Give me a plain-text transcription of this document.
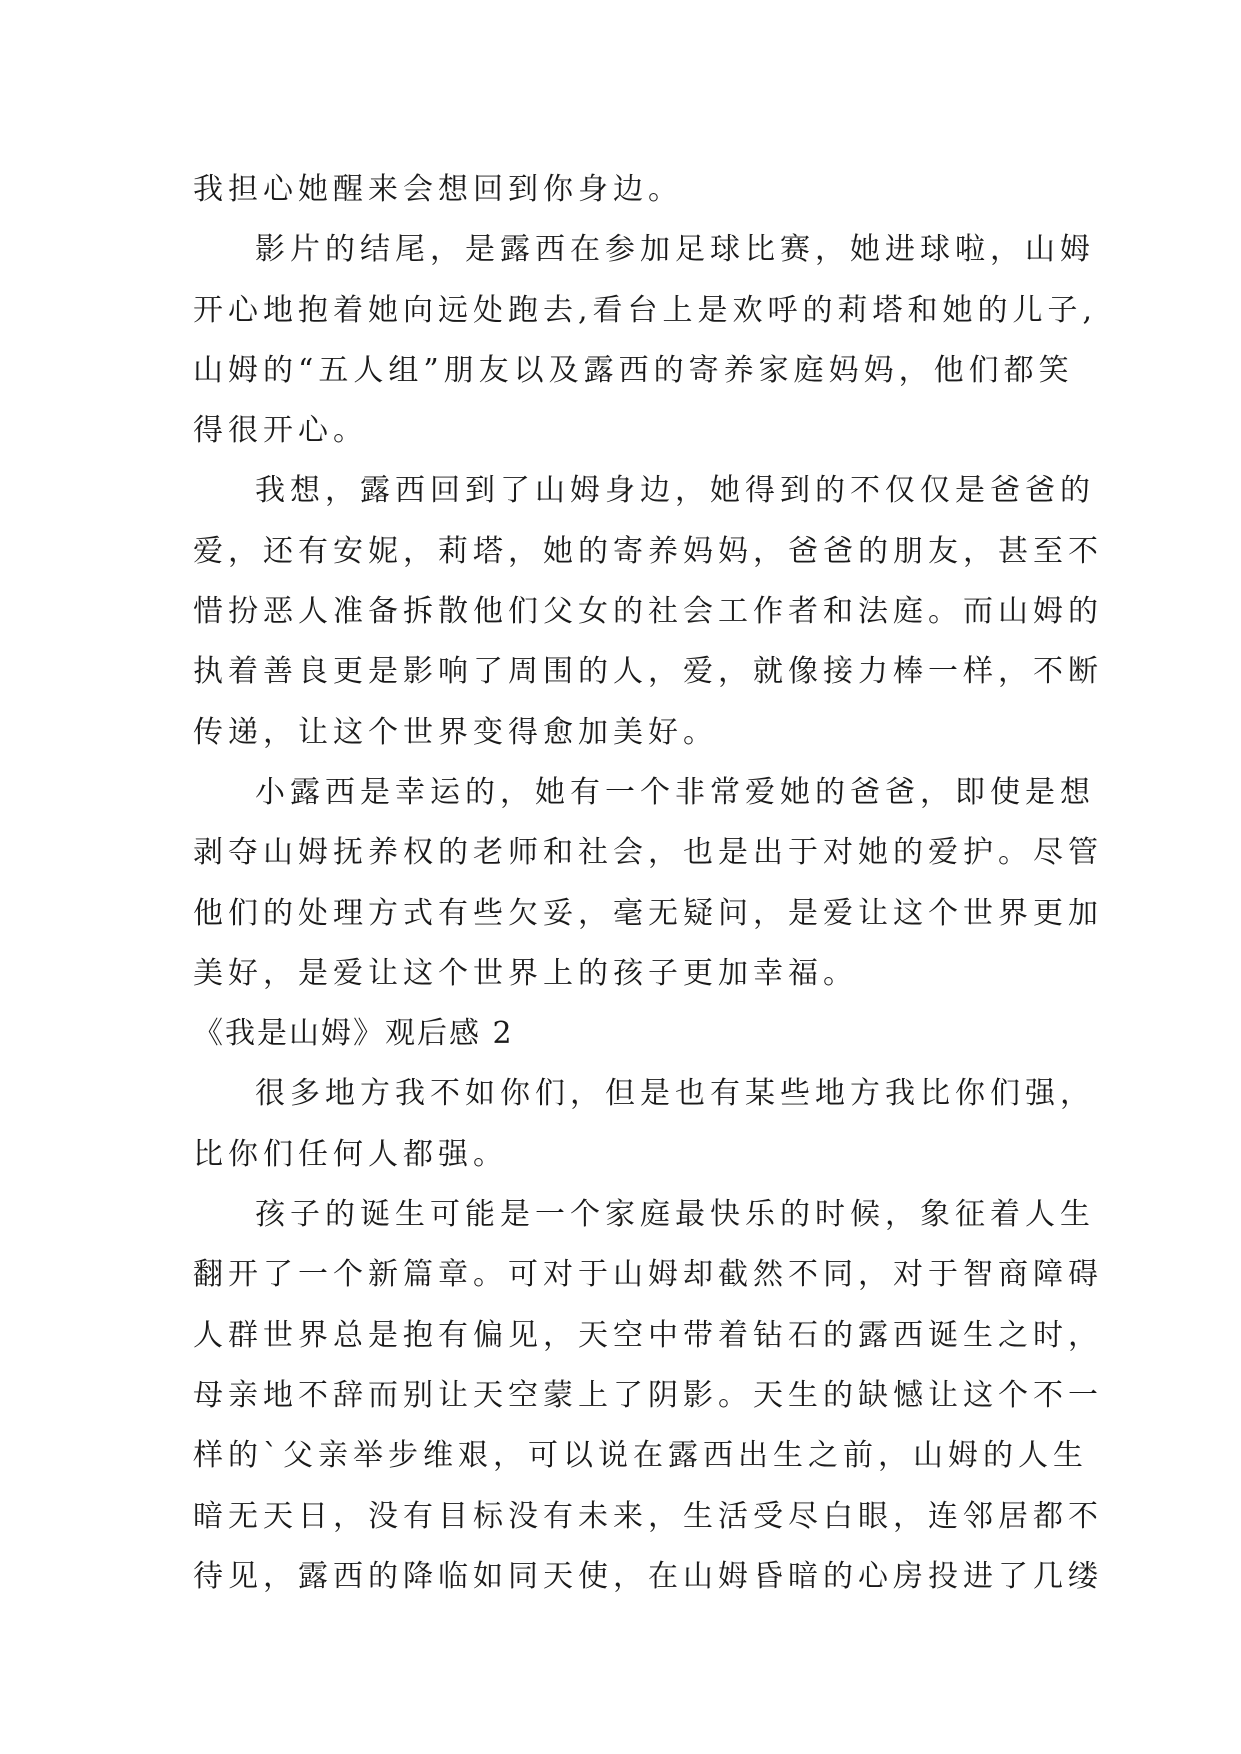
我担心她醒来会想回到你身边。
影片的结尾，是露西在参加足球比赛，她进球啦，山姆
开心地抱着她向远处跑去,看台上是欢呼的莉塔和她的儿子,
山姆的“五人组”朋友以及露西的寄养家庭妈妈，他们都笑
得很开心。
我想，露西回到了山姆身边，她得到的不仅仅是爸爸的
爱，还有安妮，莉塔，她的寄养妈妈，爸爸的朋友，甚至不
惜扮恶人准备拆散他们父女的社会工作者和法庭。而山姆的
执着善良更是影响了周围的人，爱，就像接力棒一样，不断
传递，让这个世界变得愈加美好。
小露西是幸运的，她有一个非常爱她的爸爸，即使是想
剥夺山姆抚养权的老师和社会，也是出于对她的爱护。尽管
他们的处理方式有些欠妥，毫无疑问，是爱让这个世界更加
美好，是爱让这个世界上的孩子更加幸福。
《我是山姆》观后感 2
很多地方我不如你们，但是也有某些地方我比你们强，
比你们任何人都强。
孩子的诞生可能是一个家庭最快乐的时候，象征着人生
翻开了一个新篇章。可对于山姆却截然不同，对于智商障碍
人群世界总是抱有偏见，天空中带着钻石的露西诞生之时，
母亲地不辞而别让天空蒙上了阴影。天生的缺憾让这个不一
样的`父亲举步维艰，可以说在露西出生之前，山姆的人生
暗无天日，没有目标没有未来，生活受尽白眼，连邻居都不
待见，露西的降临如同天使，在山姆昏暗的心房投进了几缕
